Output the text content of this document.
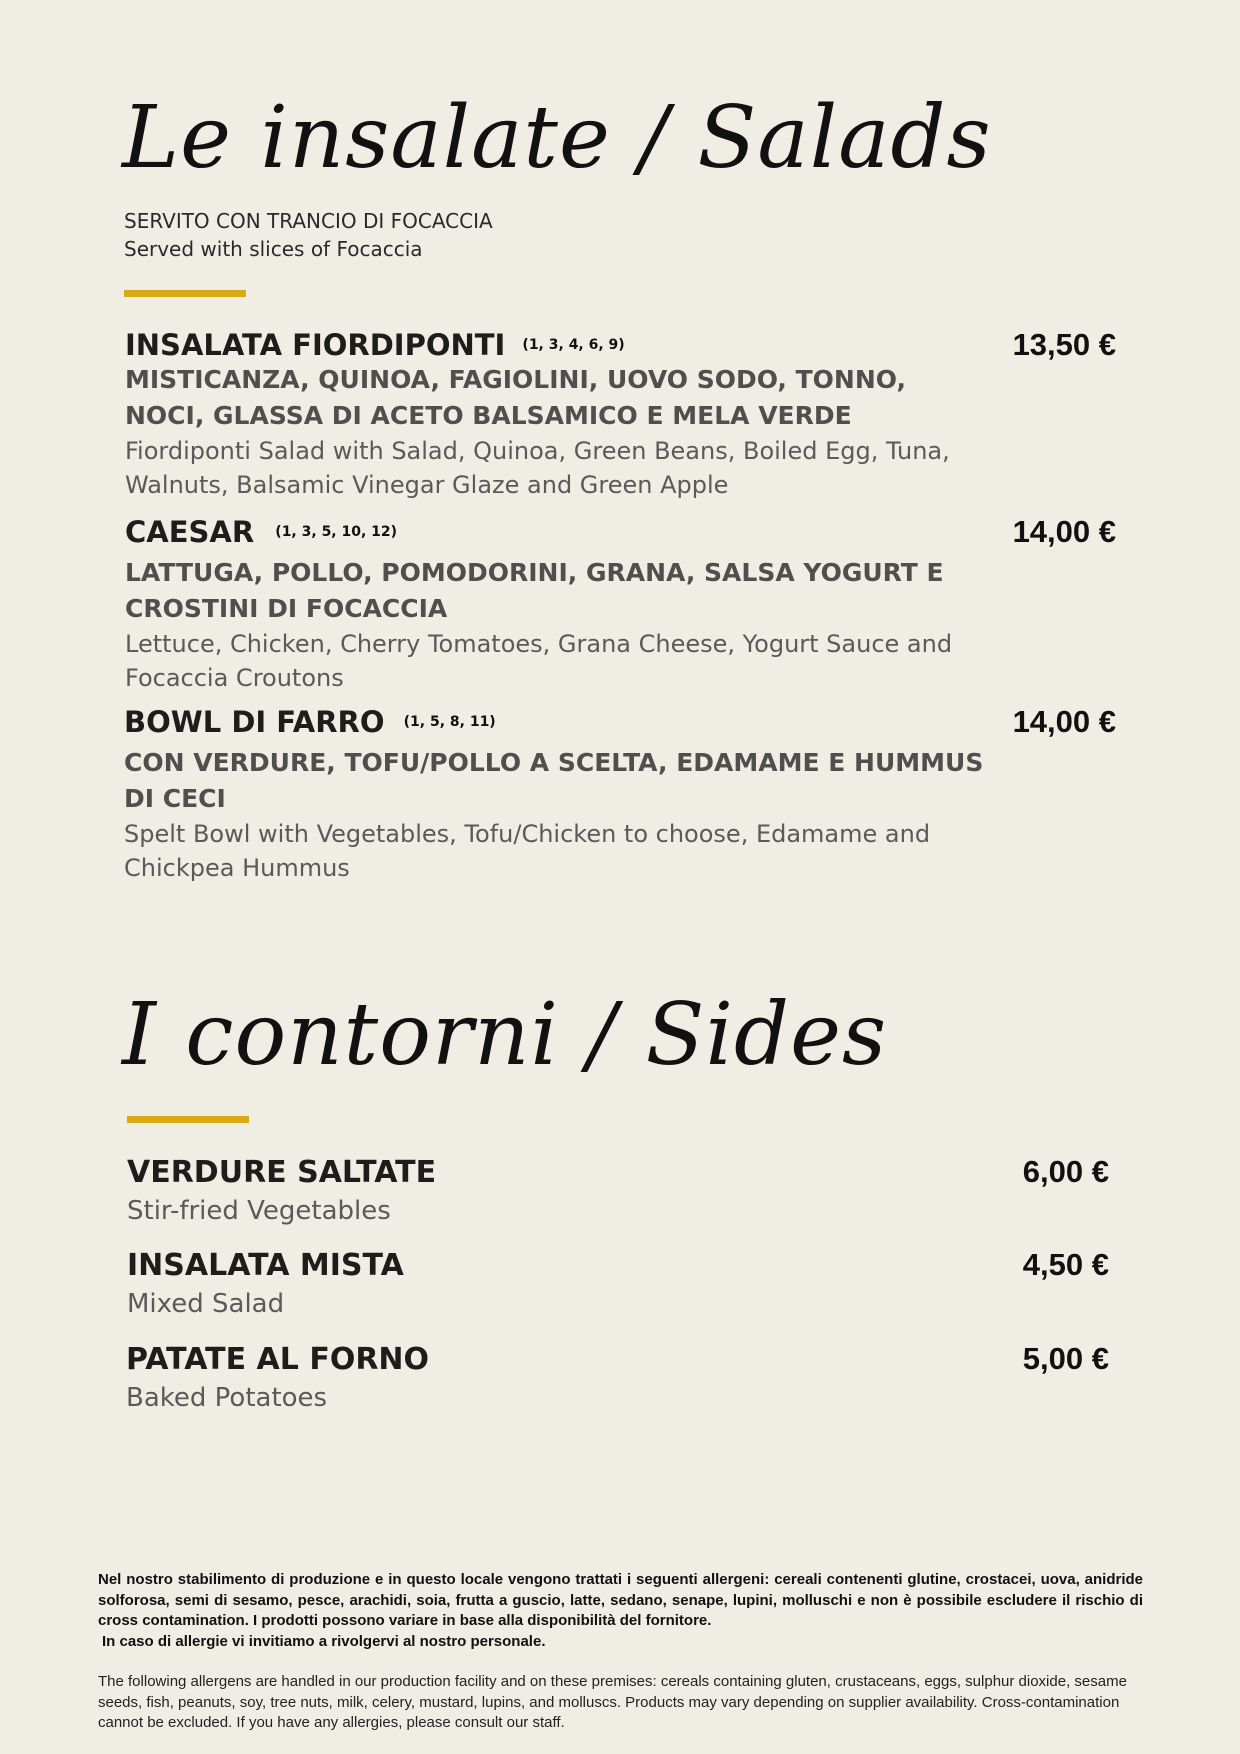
Le insalate / Salads
SERVITO CON TRANCIO DI FOCACCIA
Served with slices of Focaccia
INSALATA FIORDIPONTI (1, 3, 4, 6, 9)
MISTICANZA, QUINOA, FAGIOLINI, UOVO SODO, TONNO, NOCI, GLASSA DI ACETO BALSAMICO E MELA VERDE
Fiordiponti Salad with Salad, Quinoa, Green Beans, Boiled Egg, Tuna, Walnuts, Balsamic Vinegar Glaze and Green Apple
13,50 €
CAESAR (1, 3, 5, 10, 12)
LATTUGA, POLLO, POMODORINI, GRANA, SALSA YOGURT E CROSTINI DI FOCACCIA
Lettuce, Chicken, Cherry Tomatoes, Grana Cheese, Yogurt Sauce and Focaccia Croutons
14,00 €
BOWL DI FARRO (1, 5, 8, 11)
CON VERDURE, TOFU/POLLO A SCELTA, EDAMAME E HUMMUS DI CECI
Spelt Bowl with Vegetables, Tofu/Chicken to choose, Edamame and Chickpea Hummus
14,00 €
I contorni / Sides
VERDURE SALTATE
Stir-fried Vegetables
6,00 €
INSALATA MISTA
Mixed Salad
4,50 €
PATATE AL FORNO
Baked Potatoes
5,00 €
Nel nostro stabilimento di produzione e in questo locale vengono trattati i seguenti allergeni: cereali contenenti glutine, crostacei, uova, anidride solforosa, semi di sesamo, pesce, arachidi, soia, frutta a guscio, latte, sedano, senape, lupini, molluschi e non è possibile escludere il rischio di cross contamination. I prodotti possono variare in base alla disponibilità del fornitore.
In caso di allergie vi invitiamo a rivolgervi al nostro personale.
The following allergens are handled in our production facility and on these premises: cereals containing gluten, crustaceans, eggs, sulphur dioxide, sesame seeds, fish, peanuts, soy, tree nuts, milk, celery, mustard, lupins, and molluscs. Products may vary depending on supplier availability. Cross-contamination cannot be excluded. If you have any allergies, please consult our staff.
